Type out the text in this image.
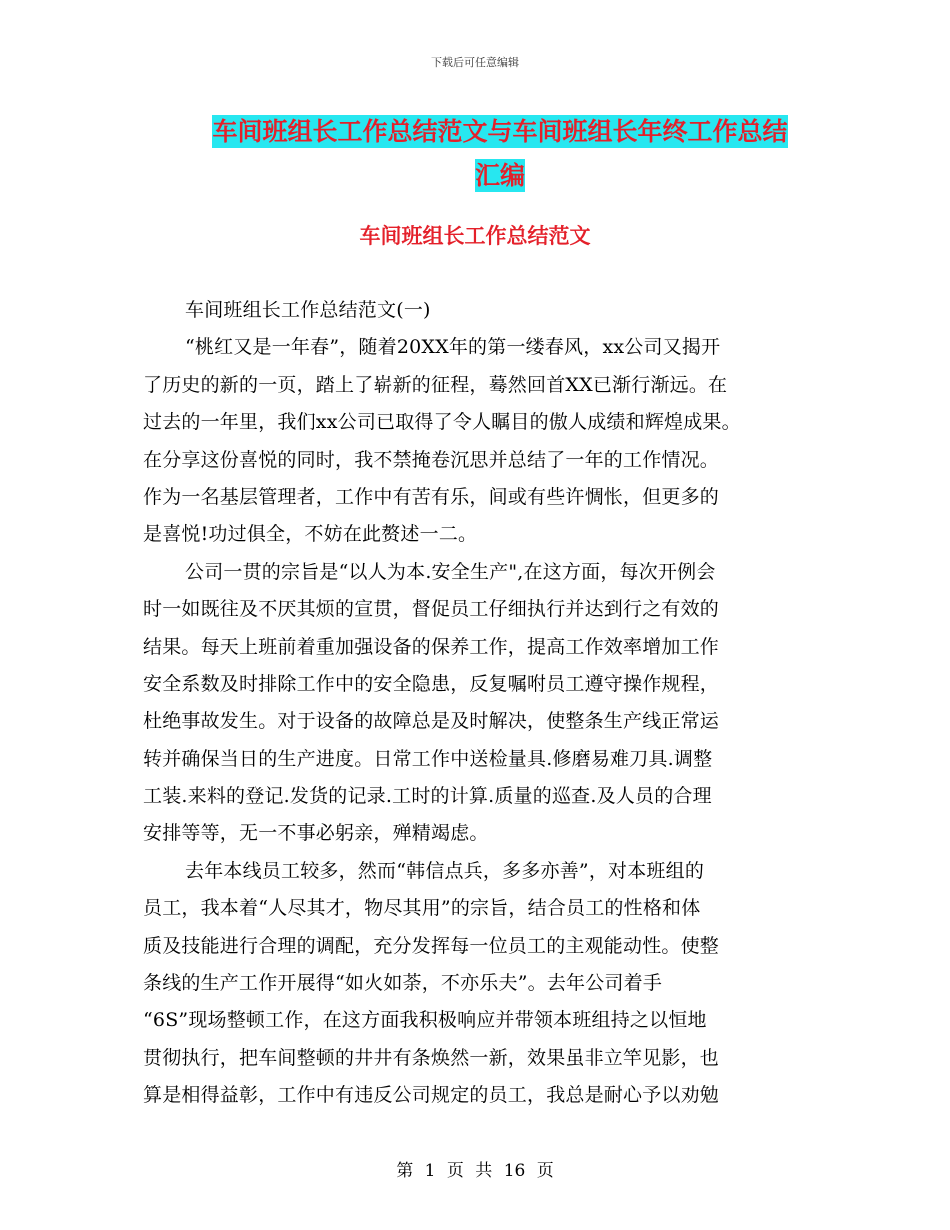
下载后可任意编辑
车间班组长工作总结范文与车间班组长年终工作总结
汇编
车间班组长工作总结范文
车间班组长工作总结范文(一)
“桃红又是一年春”，随着20XX年的第一缕春风，xx公司又揭开
了历史的新的一页，踏上了崭新的征程，蓦然回首XX已渐行渐远。在
过去的一年里，我们xx公司已取得了令人瞩目的傲人成绩和辉煌成果。
在分享这份喜悦的同时，我不禁掩卷沉思并总结了一年的工作情况。
作为一名基层管理者，工作中有苦有乐，间或有些许惆怅，但更多的
是喜悦!功过俱全，不妨在此赘述一二。
公司一贯的宗旨是“以人为本.安全生产",在这方面，每次开例会
时一如既往及不厌其烦的宣贯，督促员工仔细执行并达到行之有效的
结果。每天上班前着重加强设备的保养工作，提高工作效率增加工作
安全系数及时排除工作中的安全隐患，反复嘱咐员工遵守操作规程，
杜绝事故发生。对于设备的故障总是及时解决，使整条生产线正常运
转并确保当日的生产进度。日常工作中送检量具.修磨易难刀具.调整
工装.来料的登记.发货的记录.工时的计算.质量的巡查.及人员的合理
安排等等，无一不事必躬亲，殚精竭虑。
去年本线员工较多，然而“韩信点兵，多多亦善”，对本班组的
员工，我本着“人尽其才，物尽其用”的宗旨，结合员工的性格和体
质及技能进行合理的调配，充分发挥每一位员工的主观能动性。使整
条线的生产工作开展得“如火如荼，不亦乐夫”。去年公司着手
“6S”现场整顿工作，在这方面我积极响应并带领本班组持之以恒地
贯彻执行，把车间整顿的井井有条焕然一新，效果虽非立竿见影，也
算是相得益彰，工作中有违反公司规定的员工，我总是耐心予以劝勉
第 1 页 共 16 页
